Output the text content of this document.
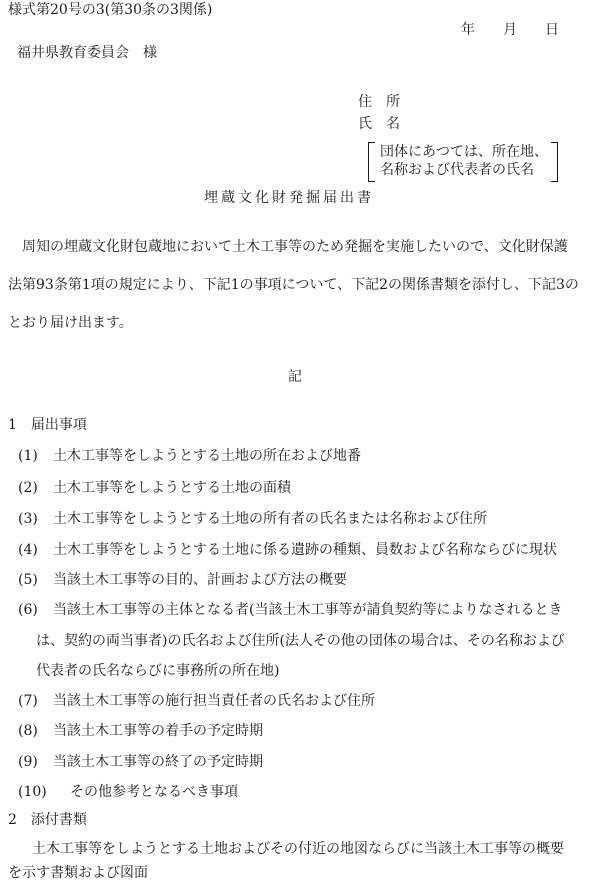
様式第20号の3(第30条の3関係)
年　　月　　日
福井県教育委員会　様
住　所
氏　名
団体にあつては、所在地、
名称および代表者の氏名
埋蔵文化財発掘届出書
　周知の埋蔵文化財包蔵地において土木工事等のため発掘を実施したいので、文化財保護
法第93条第1項の規定により、下記1の事項について、下記2の関係書類を添付し、下記3の
とおり届け出ます。
記
1　届出事項
(1) 土木工事等をしようとする土地の所在および地番
(2) 土木工事等をしようとする土地の面積
(3) 土木工事等をしようとする土地の所有者の氏名または名称および住所
(4) 土木工事等をしようとする土地に係る遺跡の種類、員数および名称ならびに現状
(5) 当該土木工事等の目的、計画および方法の概要
(6) 当該土木工事等の主体となる者(当該土木工事等が請負契約等によりなされるとき
は、契約の両当事者)の氏名および住所(法人その他の団体の場合は、その名称および
代表者の氏名ならびに事務所の所在地)
(7) 当該土木工事等の施行担当責任者の氏名および住所
(8) 当該土木工事等の着手の予定時期
(9) 当該土木工事等の終了の予定時期
(10) その他参考となるべき事項
2　添付書類
　土木工事等をしようとする土地およびその付近の地図ならびに当該土木工事等の概要
を示す書類および図面
